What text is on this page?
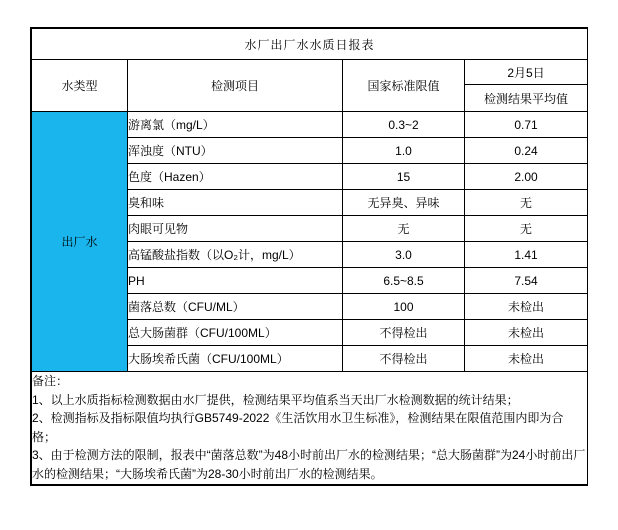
水厂出厂水水质日报表			
水类型	检测项目	国家标准限值	2月5日
			检测结果平均值
出厂水	游离氯（mg/L）	0.3~2	0.71
	浑浊度（NTU）	1.0	0.24
	色度（Hazen）	15	2.00
	臭和味	无异臭、异味	无
	肉眼可见物	无	无
	高锰酸盐指数（以O₂计，mg/L）	3.0	1.41
	PH	6.5~8.5	7.54
	菌落总数（CFU/ML）	100	未检出
	总大肠菌群（CFU/100ML）	不得检出	未检出
	大肠埃希氏菌（CFU/100ML）	不得检出	未检出

备注：
1、以上水质指标检测数据由水厂提供，检测结果平均值系当天出厂水检测数据的统计结果；
2、检测指标及指标限值均执行GB5749-2022《生活饮用水卫生标准》，检测结果在限值范围内即为合格；
3、由于检测方法的限制，报表中“菌落总数”为48小时前出厂水的检测结果；“总大肠菌群”为24小时前出厂水的检测结果；“大肠埃希氏菌”为28-30小时前出厂水的检测结果。			
